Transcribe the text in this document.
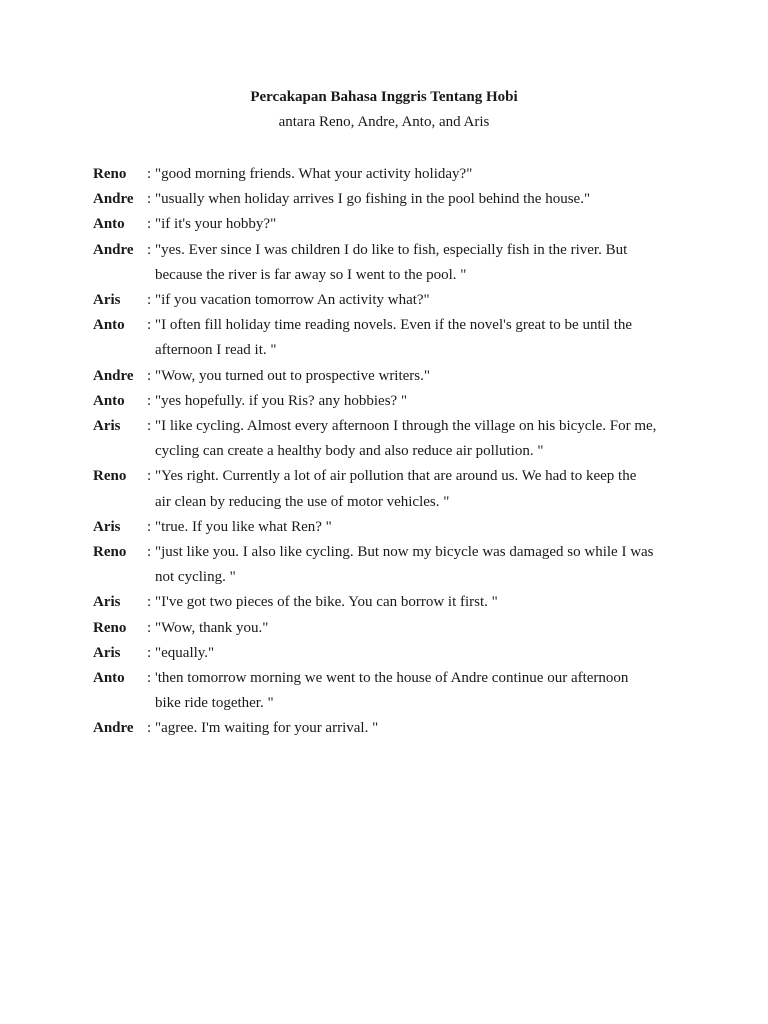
Percakapan Bahasa Inggris Tentang Hobi
antara Reno, Andre, Anto, and Aris
Reno	: "good morning friends. What your activity holiday?"
Andre : "usually when holiday arrives I go fishing in the pool behind the house."
Anto	: "if it's your hobby?"
Andre : "yes. Ever since I was children I do like to fish, especially fish in the river. But
because the river is far away so I went to the pool. "
Aris	: "if you vacation tomorrow An activity what?"
Anto	: "I often fill holiday time reading novels. Even if the novel's great to be until the
afternoon I read it. "
Andre : "Wow, you turned out to prospective writers."
Anto	: "yes hopefully. if you Ris? any hobbies? "
Aris	: "I like cycling. Almost every afternoon I through the village on his bicycle. For me,
cycling can create a healthy body and also reduce air pollution. "
Reno	: "Yes right. Currently a lot of air pollution that are around us. We had to keep the
air clean by reducing the use of motor vehicles. "
Aris	: "true. If you like what Ren? "
Reno	: "just like you. I also like cycling. But now my bicycle was damaged so while I was
not cycling. "
Aris	: "I've got two pieces of the bike. You can borrow it first. "
Reno	: "Wow, thank you."
Aris	: "equally."
Anto	: 'then tomorrow morning we went to the house of Andre continue our afternoon
bike ride together. "
Andre : "agree. I'm waiting for your arrival. "
